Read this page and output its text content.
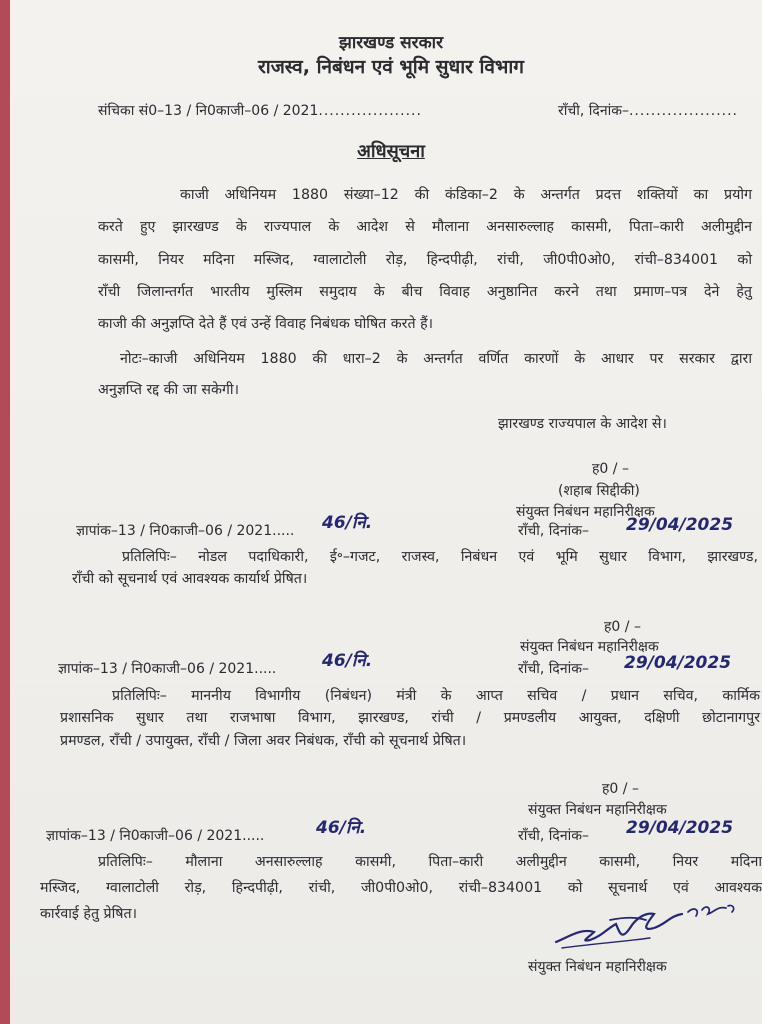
झारखण्ड सरकार
राजस्व, निबंधन एवं भूमि सुधार विभाग
संचिका सं0–13 / नि0काजी–06 / 2021...................	राँची, दिनांक–....................
अधिसूचना
काजी अधिनियम 1880 संख्या–12 की कंडिका–2 के अन्तर्गत प्रदत्त शक्तियों का प्रयोग
करते हुए झारखण्ड के राज्यपाल के आदेश से मौलाना अनसारुल्लाह कासमी, पिता–कारी अलीमुद्दीन
कासमी, नियर मदिना मस्जिद, ग्वालाटोली रोड़, हिन्दपीढ़ी, रांची, जी0पी0ओ0, रांची–834001 को
राँची जिलान्तर्गत भारतीय मुस्लिम समुदाय के बीच विवाह अनुष्ठानित करने तथा प्रमाण–पत्र देने हेतु
काजी की अनुज्ञप्ति देते हैं एवं उन्हें विवाह निबंधक घोषित करते हैं।
नोटः–काजी अधिनियम 1880 की धारा–2 के अन्तर्गत वर्णित कारणों के आधार पर सरकार द्वारा
अनुज्ञप्ति रद्द की जा सकेगी।
झारखण्ड राज्यपाल के आदेश से।
ह0 / –
(शहाब सिद्दीकी)
संयुक्त निबंधन महानिरीक्षक
ज्ञापांक–13 / नि0काजी–06 / 2021..... 46/नि.	राँची, दिनांक– 29/04/2025
प्रतिलिपिः– नोडल पदाधिकारी, ई॰–गजट, राजस्व, निबंधन एवं भूमि सुधार विभाग, झारखण्ड,
राँची को सूचनार्थ एवं आवश्यक कार्यार्थ प्रेषित।
ह0 / –
संयुक्त निबंधन महानिरीक्षक
ज्ञापांक–13 / नि0काजी–06 / 2021.....	46/नि.	राँची, दिनांक– 29/04/2025
प्रतिलिपिः– माननीय विभागीय (निबंधन) मंत्री के आप्त सचिव / प्रधान सचिव, कार्मिक
प्रशासनिक सुधार तथा राजभाषा विभाग, झारखण्ड, रांची / प्रमण्डलीय आयुक्त, दक्षिणी छोटानागपुर
प्रमण्डल, राँची / उपायुक्त, राँची / जिला अवर निबंधक, राँची को सूचनार्थ प्रेषित।
ह0 / –
संयुक्त निबंधन महानिरीक्षक
ज्ञापांक–13 / नि0काजी–06 / 2021.....	46/नि.	राँची, दिनांक– 29/04/2025
प्रतिलिपिः– मौलाना अनसारुल्लाह कासमी, पिता–कारी अलीमुद्दीन कासमी, नियर मदिना
मस्जिद, ग्वालाटोली रोड़, हिन्दपीढ़ी, रांची, जी0पी0ओ0, रांची–834001 को सूचनार्थ एवं आवश्यक
कार्रवाई हेतु प्रेषित।
संयुक्त निबंधन महानिरीक्षक
